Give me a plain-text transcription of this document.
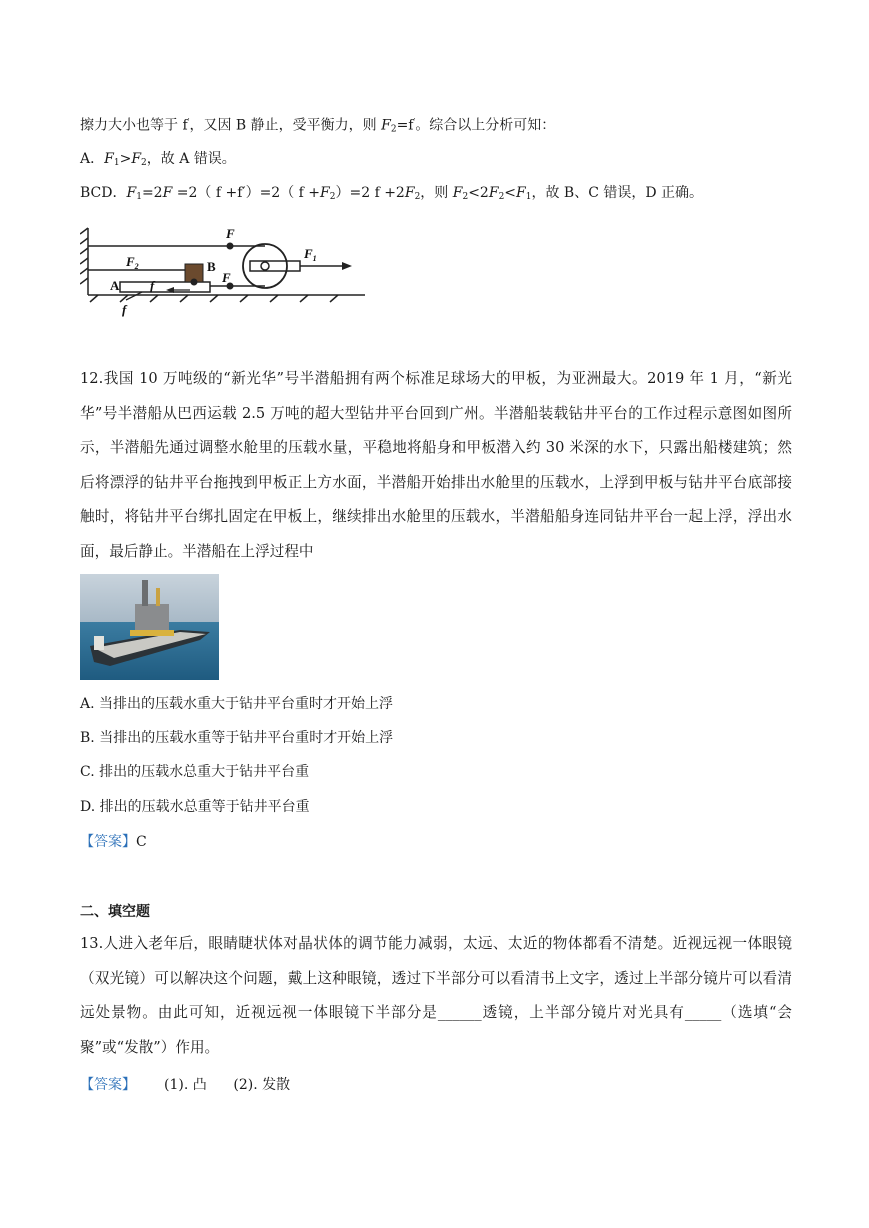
擦力大小也等于 f′，又因 B 静止，受平衡力，则 $F_2=f'$。综合以上分析可知：
A．$F_1>F_2$，故 A 错误。
BCD．$F_1=2F =2$（ f +f′）=2（ $f +F_2)=2$ $f +2F_2$，则 $F_2<2F_2<F_1$，故 B、C 错误，D 正确。
F
$F_1$
$F_2$
F
f
f
B
A
12.我国 10 万吨级的“新光华”号半潜船拥有两个标准足球场大的甲板，为亚洲最大。2019 年 1 月，“新光华”号半潜船从巴西运载 2.5 万吨的超大型钻井平台回到广州。半潜船装载钻井平台的工作过程示意图如图所示，半潜船先通过调整水舱里的压载水量，平稳地将船身和甲板潜入约 30 米深的水下，只露出船楼建筑；然后将漂浮的钻井平台拖拽到甲板正上方水面，半潜船开始排出水舱里的压载水，上浮到甲板与钻井平台底部接触时，将钻井平台绑扎固定在甲板上，继续排出水舱里的压载水，半潜船船身连同钻井平台一起上浮，浮出水面，最后静止。半潜船在上浮过程中
A. 当排出的压载水重大于钻井平台重时才开始上浮
B. 当排出的压载水重等于钻井平台重时才开始上浮
C. 排出的压载水总重大于钻井平台重
D. 排出的压载水总重等于钻井平台重
【答案】C
二、填空题
13.人进入老年后，眼睛睫状体对晶状体的调节能力减弱，太远、太近的物体都看不清楚。近视远视一体眼镜（双光镜）可以解决这个问题，戴上这种眼镜，透过下半部分可以看清书上文字，透过上半部分镜片可以看清远处景物。由此可知，近视远视一体眼镜下半部分是______透镜，上半部分镜片对光具有_____（选填“会聚”或“发散”）作用。
【答案】 (1). 凸      (2). 发散
